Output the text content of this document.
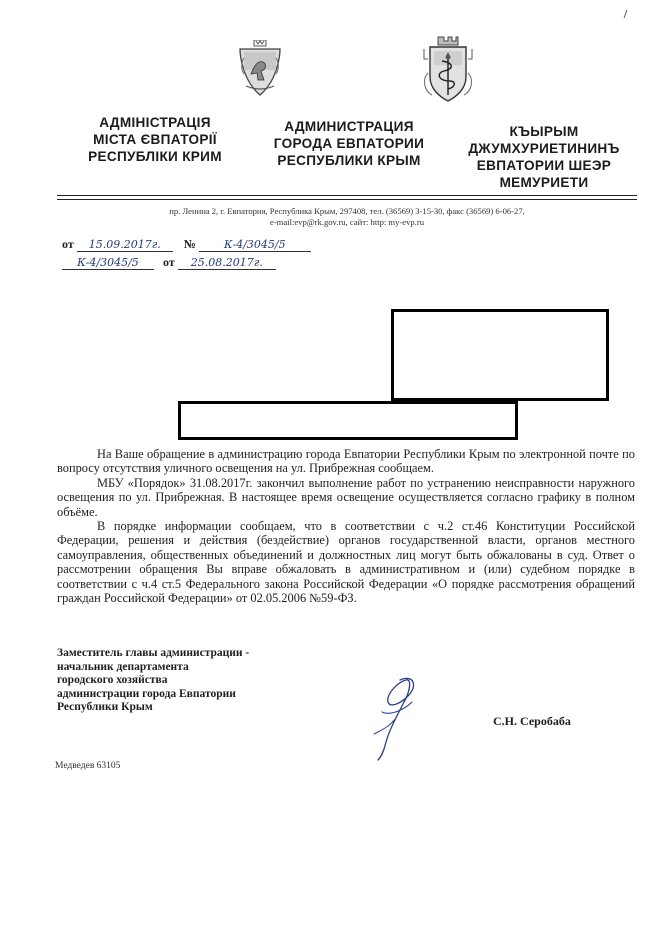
АДМІНІСТРАЦІЯ
МІСТА ЄВПАТОРІЇ
РЕСПУБЛІКИ КРИМ
АДМИНИСТРАЦИЯ
ГОРОДА ЕВПАТОРИИ
РЕСПУБЛИКИ КРЫМ
КЪЫРЫМ
ДЖУМХУРИЕТИНИНЪ
ЕВПАТОРИИ ШЕЭР
МЕМУРИЕТИ
пр. Ленина 2, г. Евпатория, Республика Крым, 297408, тел. (36569) 3-15-30, факс (36569) 6-06-27,
e-mail:evp@rk.gov.ru, сайт: http: my-evp.ru
от 15.09.2017г. №	К-4/3045/5
К-4/3045/5 от 25.08.2017г.

На Ваше обращение в администрацию города Евпатории Республики Крым по электронной почте по вопросу отсутствия уличного освещения на ул. Прибрежная сообщаем.

МБУ «Порядок» 31.08.2017г. закончил выполнение работ по устранению неисправности наружного освещения по ул. Прибрежная. В настоящее время освещение осуществляется согласно графику в полном объёме.

В порядке информации сообщаем, что в соответствии с ч.2 ст.46 Конституции Российской Федерации, решения и действия (бездействие) органов государственной власти, органов местного самоуправления, общественных объединений и должностных лиц могут быть обжалованы в суд. Ответ о рассмотрении обращения Вы вправе обжаловать в административном и (или) судебном порядке в соответствии с ч.4 ст.5 Федерального закона Российской Федерации «О порядке рассмотрения обращений граждан Российской Федерации» от 02.05.2006 №59-ФЗ.

Заместитель главы администрации -
начальник департамента
городского хозяйства
администрации города Евпатории
Республики Крым
С.Н. Серобаба
Медведев 63105
